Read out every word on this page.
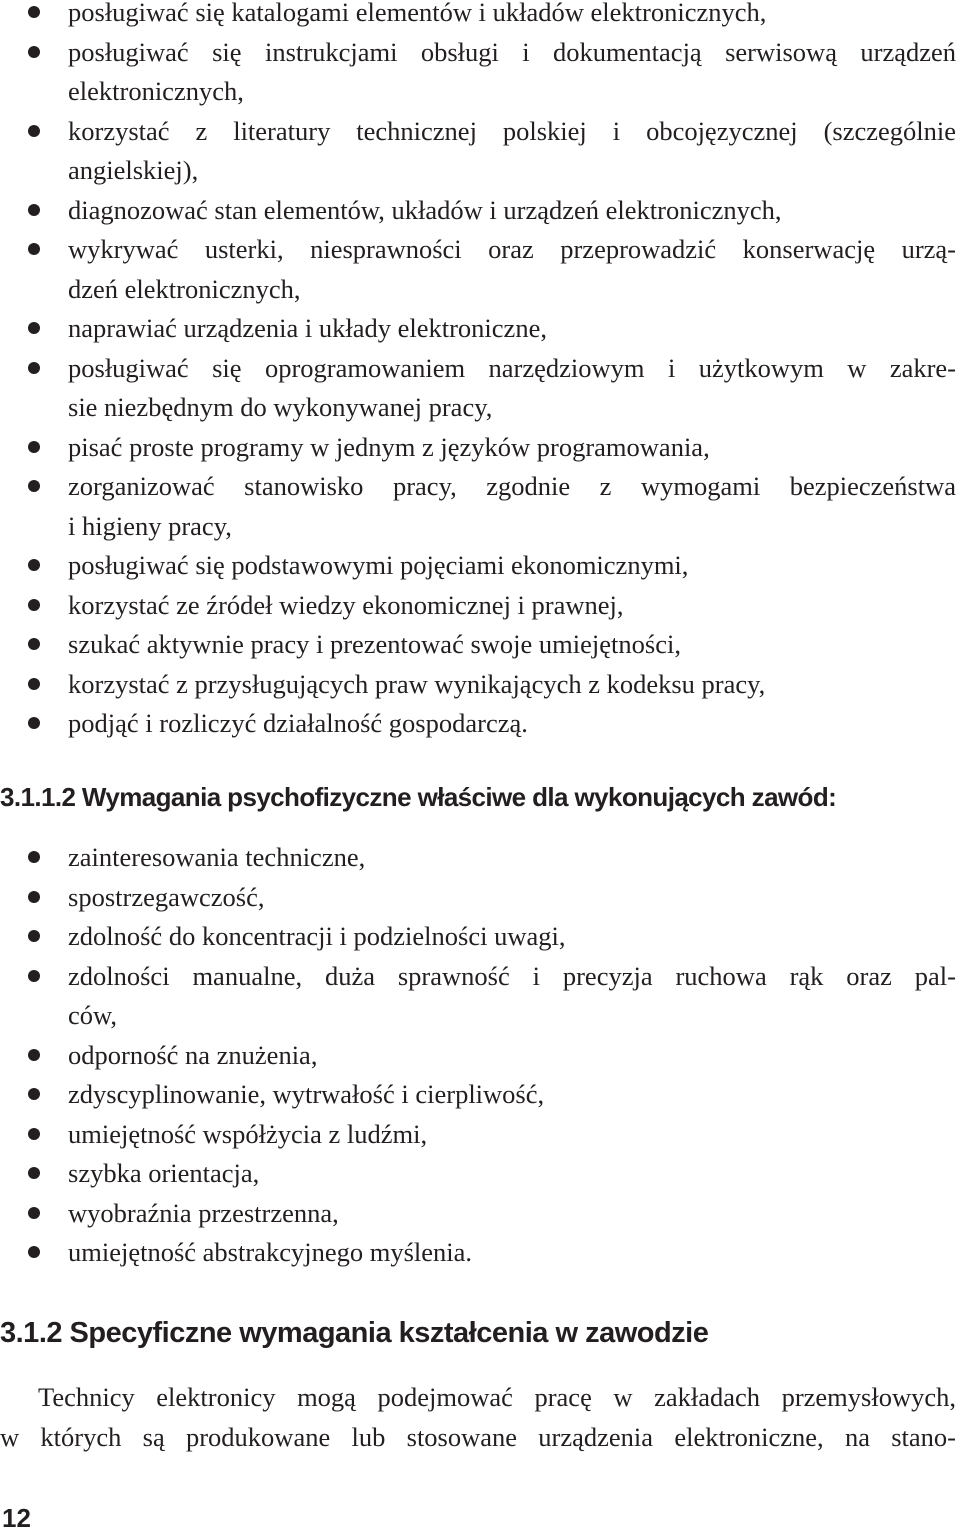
posługiwać się katalogami elementów i układów elektronicznych,
posługiwać się instrukcjami obsługi i dokumentacją serwisową urządzeń
elektronicznych,
korzystać z literatury technicznej polskiej i obcojęzycznej (szczególnie
angielskiej),
diagnozować stan elementów, układów i urządzeń elektronicznych,
wykrywać usterki, niesprawności oraz przeprowadzić konserwację urzą-
dzeń elektronicznych,
naprawiać urządzenia i układy elektroniczne,
posługiwać się oprogramowaniem narzędziowym i użytkowym w zakre-
sie niezbędnym do wykonywanej pracy,
pisać proste programy w jednym z języków programowania,
zorganizować stanowisko pracy, zgodnie z wymogami bezpieczeństwa
i higieny pracy,
posługiwać się podstawowymi pojęciami ekonomicznymi,
korzystać ze źródeł wiedzy ekonomicznej i prawnej,
szukać aktywnie pracy i prezentować swoje umiejętności,
korzystać z przysługujących praw wynikających z kodeksu pracy,
podjąć i rozliczyć działalność gospodarczą.
3.1.1.2 Wymagania psychofizyczne właściwe dla wykonujących zawód:
zainteresowania techniczne,
spostrzegawczość,
zdolność do koncentracji i podzielności uwagi,
zdolności manualne, duża sprawność i precyzja ruchowa rąk oraz pal-
ców,
odporność na znużenia,
zdyscyplinowanie, wytrwałość i cierpliwość,
umiejętność współżycia z ludźmi,
szybka orientacja,
wyobraźnia przestrzenna,
umiejętność abstrakcyjnego myślenia.
3.1.2 Specyficzne wymagania kształcenia w zawodzie

Technicy elektronicy mogą podejmować pracę w zakładach przemysłowych,
w których są produkowane lub stosowane urządzenia elektroniczne, na stano-

12
